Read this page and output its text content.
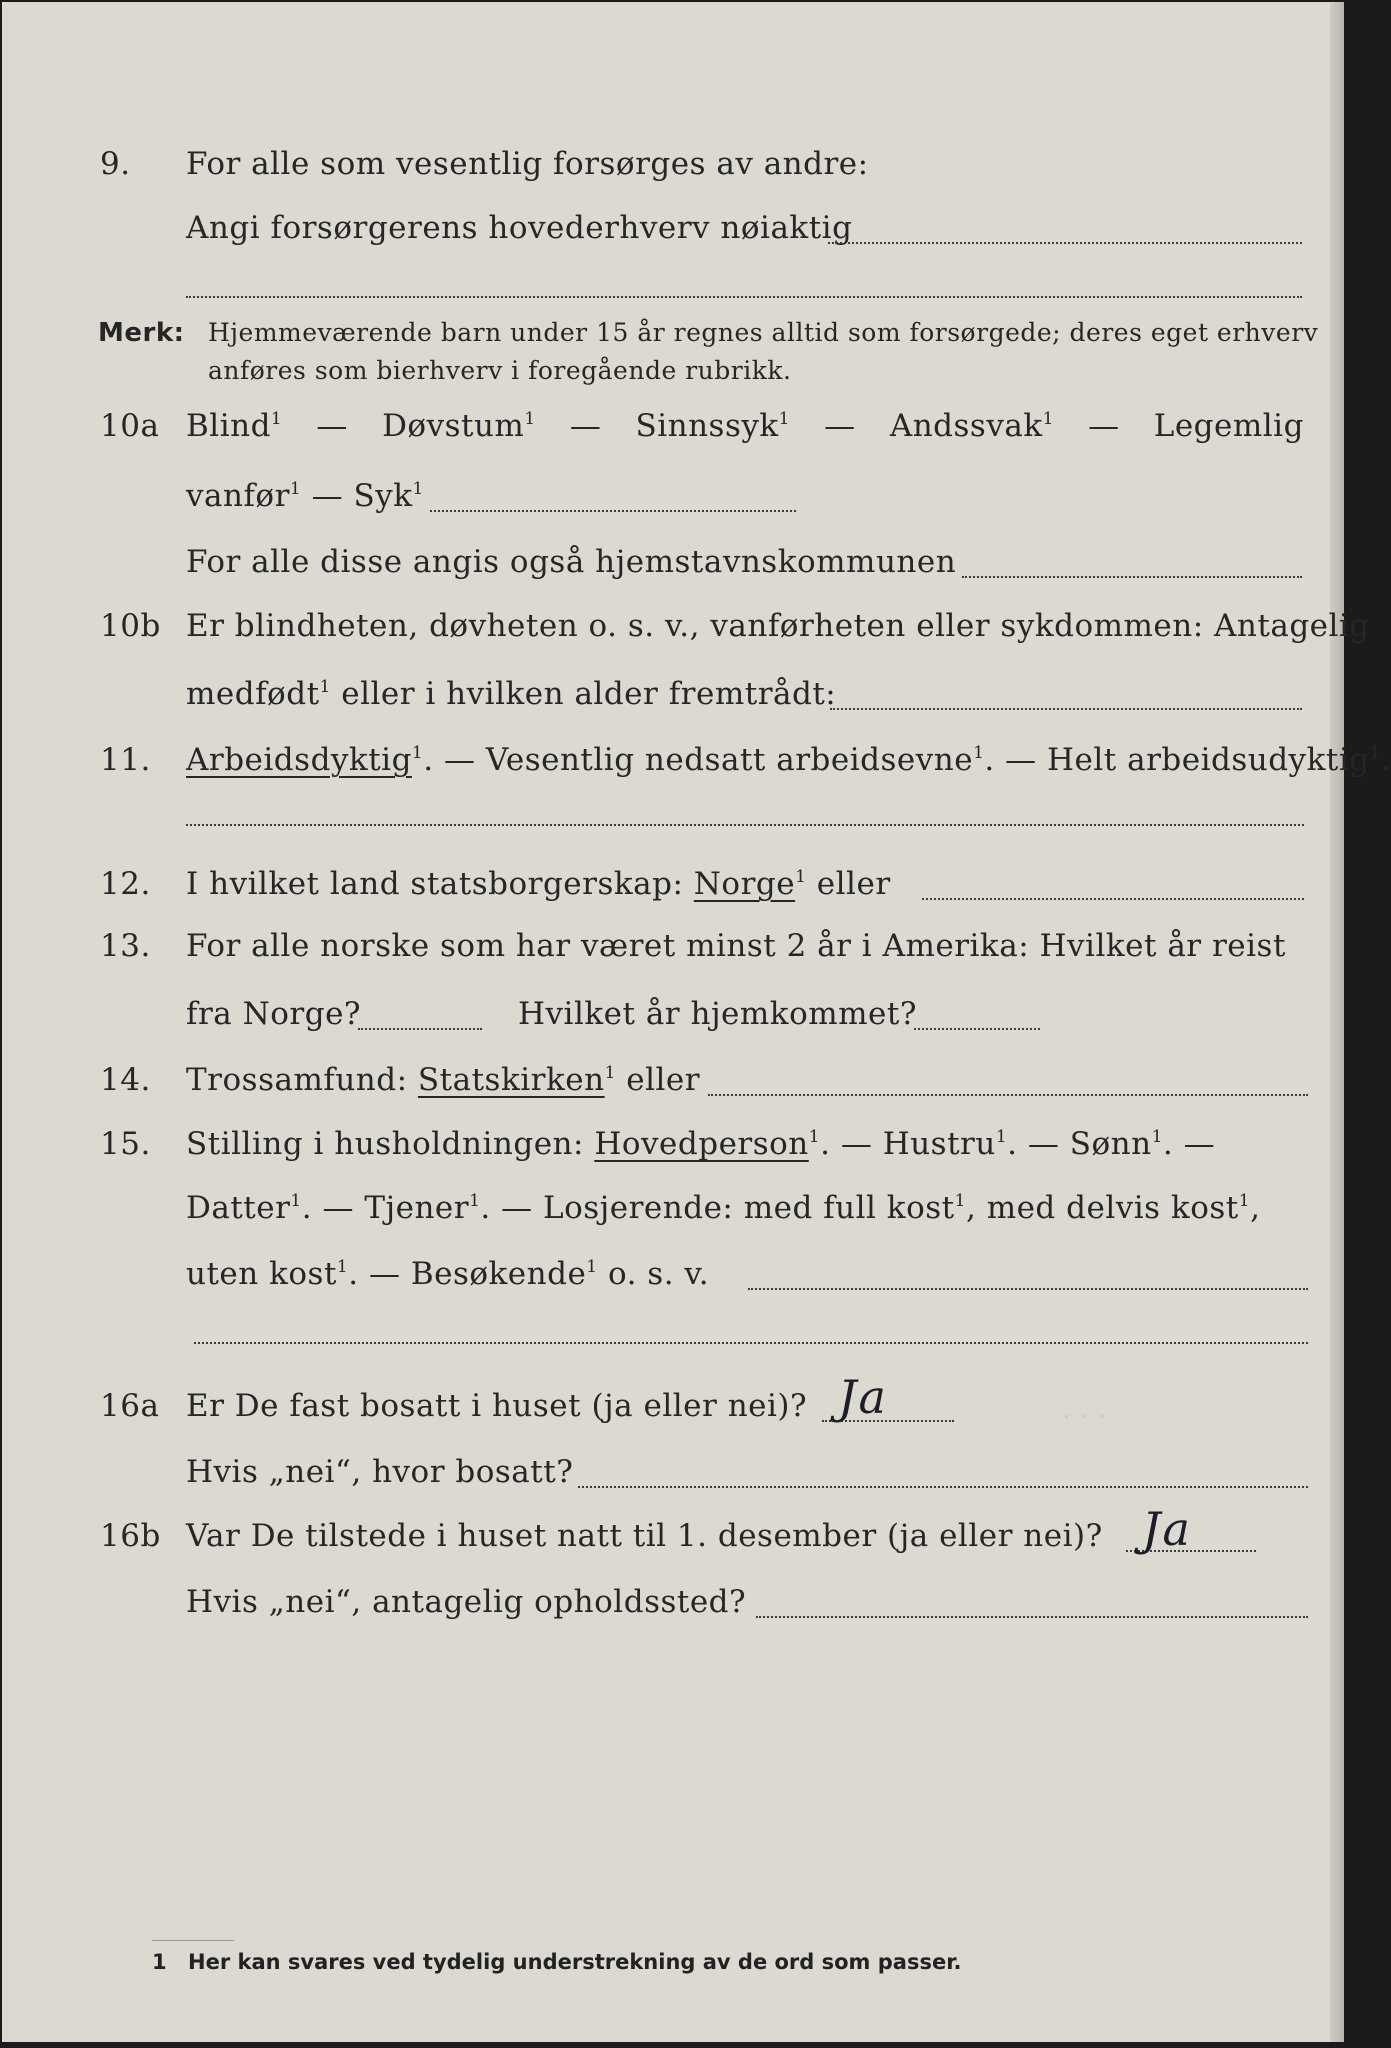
. . .
9. For alle som vesentlig forsørges av andre:
Angi forsørgerens hovederhverv nøiaktig
Merk: Hjemmeværende barn under 15 år regnes alltid som forsørgede; deres eget erhverv
anføres som bierhverv i foregående rubrikk.
10a Blind$^1$ — Døvstum$^1$ — Sinnssyk$^1$ — Andssvak$^1$ — Legemlig
vanfør$^1$ — Syk$^1$
For alle disse angis også hjemstavnskommunen
10b Er blindheten, døvheten o. s. v., vanførheten eller sykdommen: Antagelig
medfødt$^1$ eller i hvilken alder fremtrådt:
11. Arbeidsdyktig$^1$. — Vesentlig nedsatt arbeidsevne$^1$. — Helt arbeidsudyktig$^1$.
12. I hvilket land statsborgerskap: Norge$^1$ eller
13. For alle norske som har været minst 2 år i Amerika: Hvilket år reist
fra Norge?	Hvilket år hjemkommet?
14. Trossamfund: Statskirken$^1$ eller
15. Stilling i husholdningen: Hovedperson$^1$. — Hustru$^1$. — Sønn$^1$. —
Datter$^1$. — Tjener$^1$. — Losjerende: med full kost$^1$, med delvis kost$^1$,
uten kost$^1$. — Besøkende$^1$ o. s. v.
16a Er De fast bosatt i huset (ja eller nei)? Ja
Hvis „nei“, hvor bosatt?
16b Var De tilstede i huset natt til 1. desember (ja eller nei)? Ja
Hvis „nei“, antagelig opholdssted?
1 Her kan svares ved tydelig understrekning av de ord som passer.
